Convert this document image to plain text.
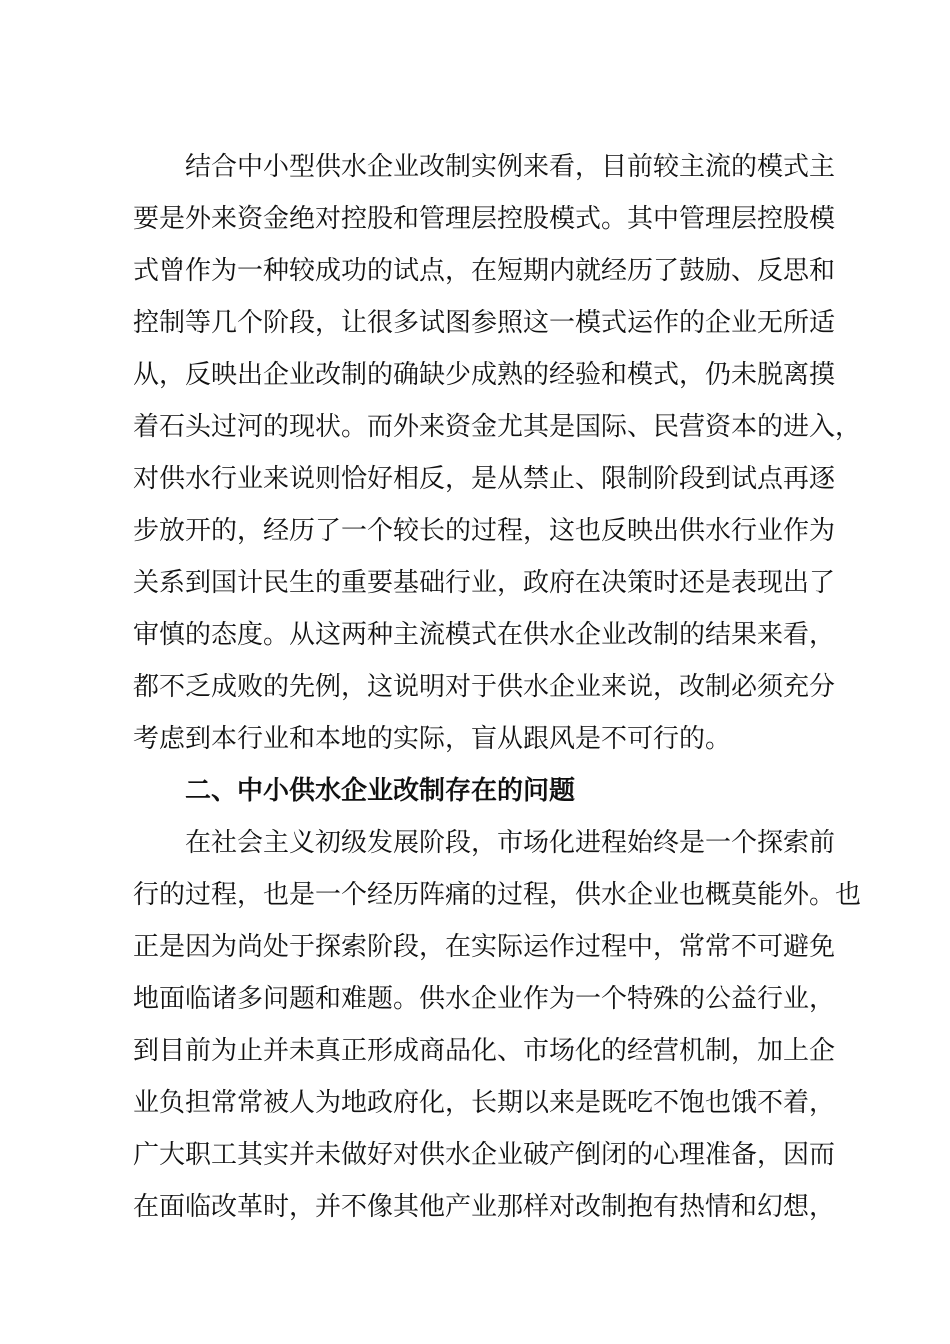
结合中小型供水企业改制实例来看，目前较主流的模式主
要是外来资金绝对控股和管理层控股模式。其中管理层控股模
式曾作为一种较成功的试点，在短期内就经历了鼓励、反思和
控制等几个阶段，让很多试图参照这一模式运作的企业无所适
从，反映出企业改制的确缺少成熟的经验和模式，仍未脱离摸
着石头过河的现状。而外来资金尤其是国际、民营资本的进入，
对供水行业来说则恰好相反，是从禁止、限制阶段到试点再逐
步放开的，经历了一个较长的过程，这也反映出供水行业作为
关系到国计民生的重要基础行业，政府在决策时还是表现出了
审慎的态度。从这两种主流模式在供水企业改制的结果来看，
都不乏成败的先例，这说明对于供水企业来说，改制必须充分
考虑到本行业和本地的实际，盲从跟风是不可行的。
二、中小供水企业改制存在的问题
在社会主义初级发展阶段，市场化进程始终是一个探索前
行的过程，也是一个经历阵痛的过程，供水企业也概莫能外。也
正是因为尚处于探索阶段，在实际运作过程中，常常不可避免
地面临诸多问题和难题。供水企业作为一个特殊的公益行业，
到目前为止并未真正形成商品化、市场化的经营机制，加上企
业负担常常被人为地政府化，长期以来是既吃不饱也饿不着，
广大职工其实并未做好对供水企业破产倒闭的心理准备，因而
在面临改革时，并不像其他产业那样对改制抱有热情和幻想，
